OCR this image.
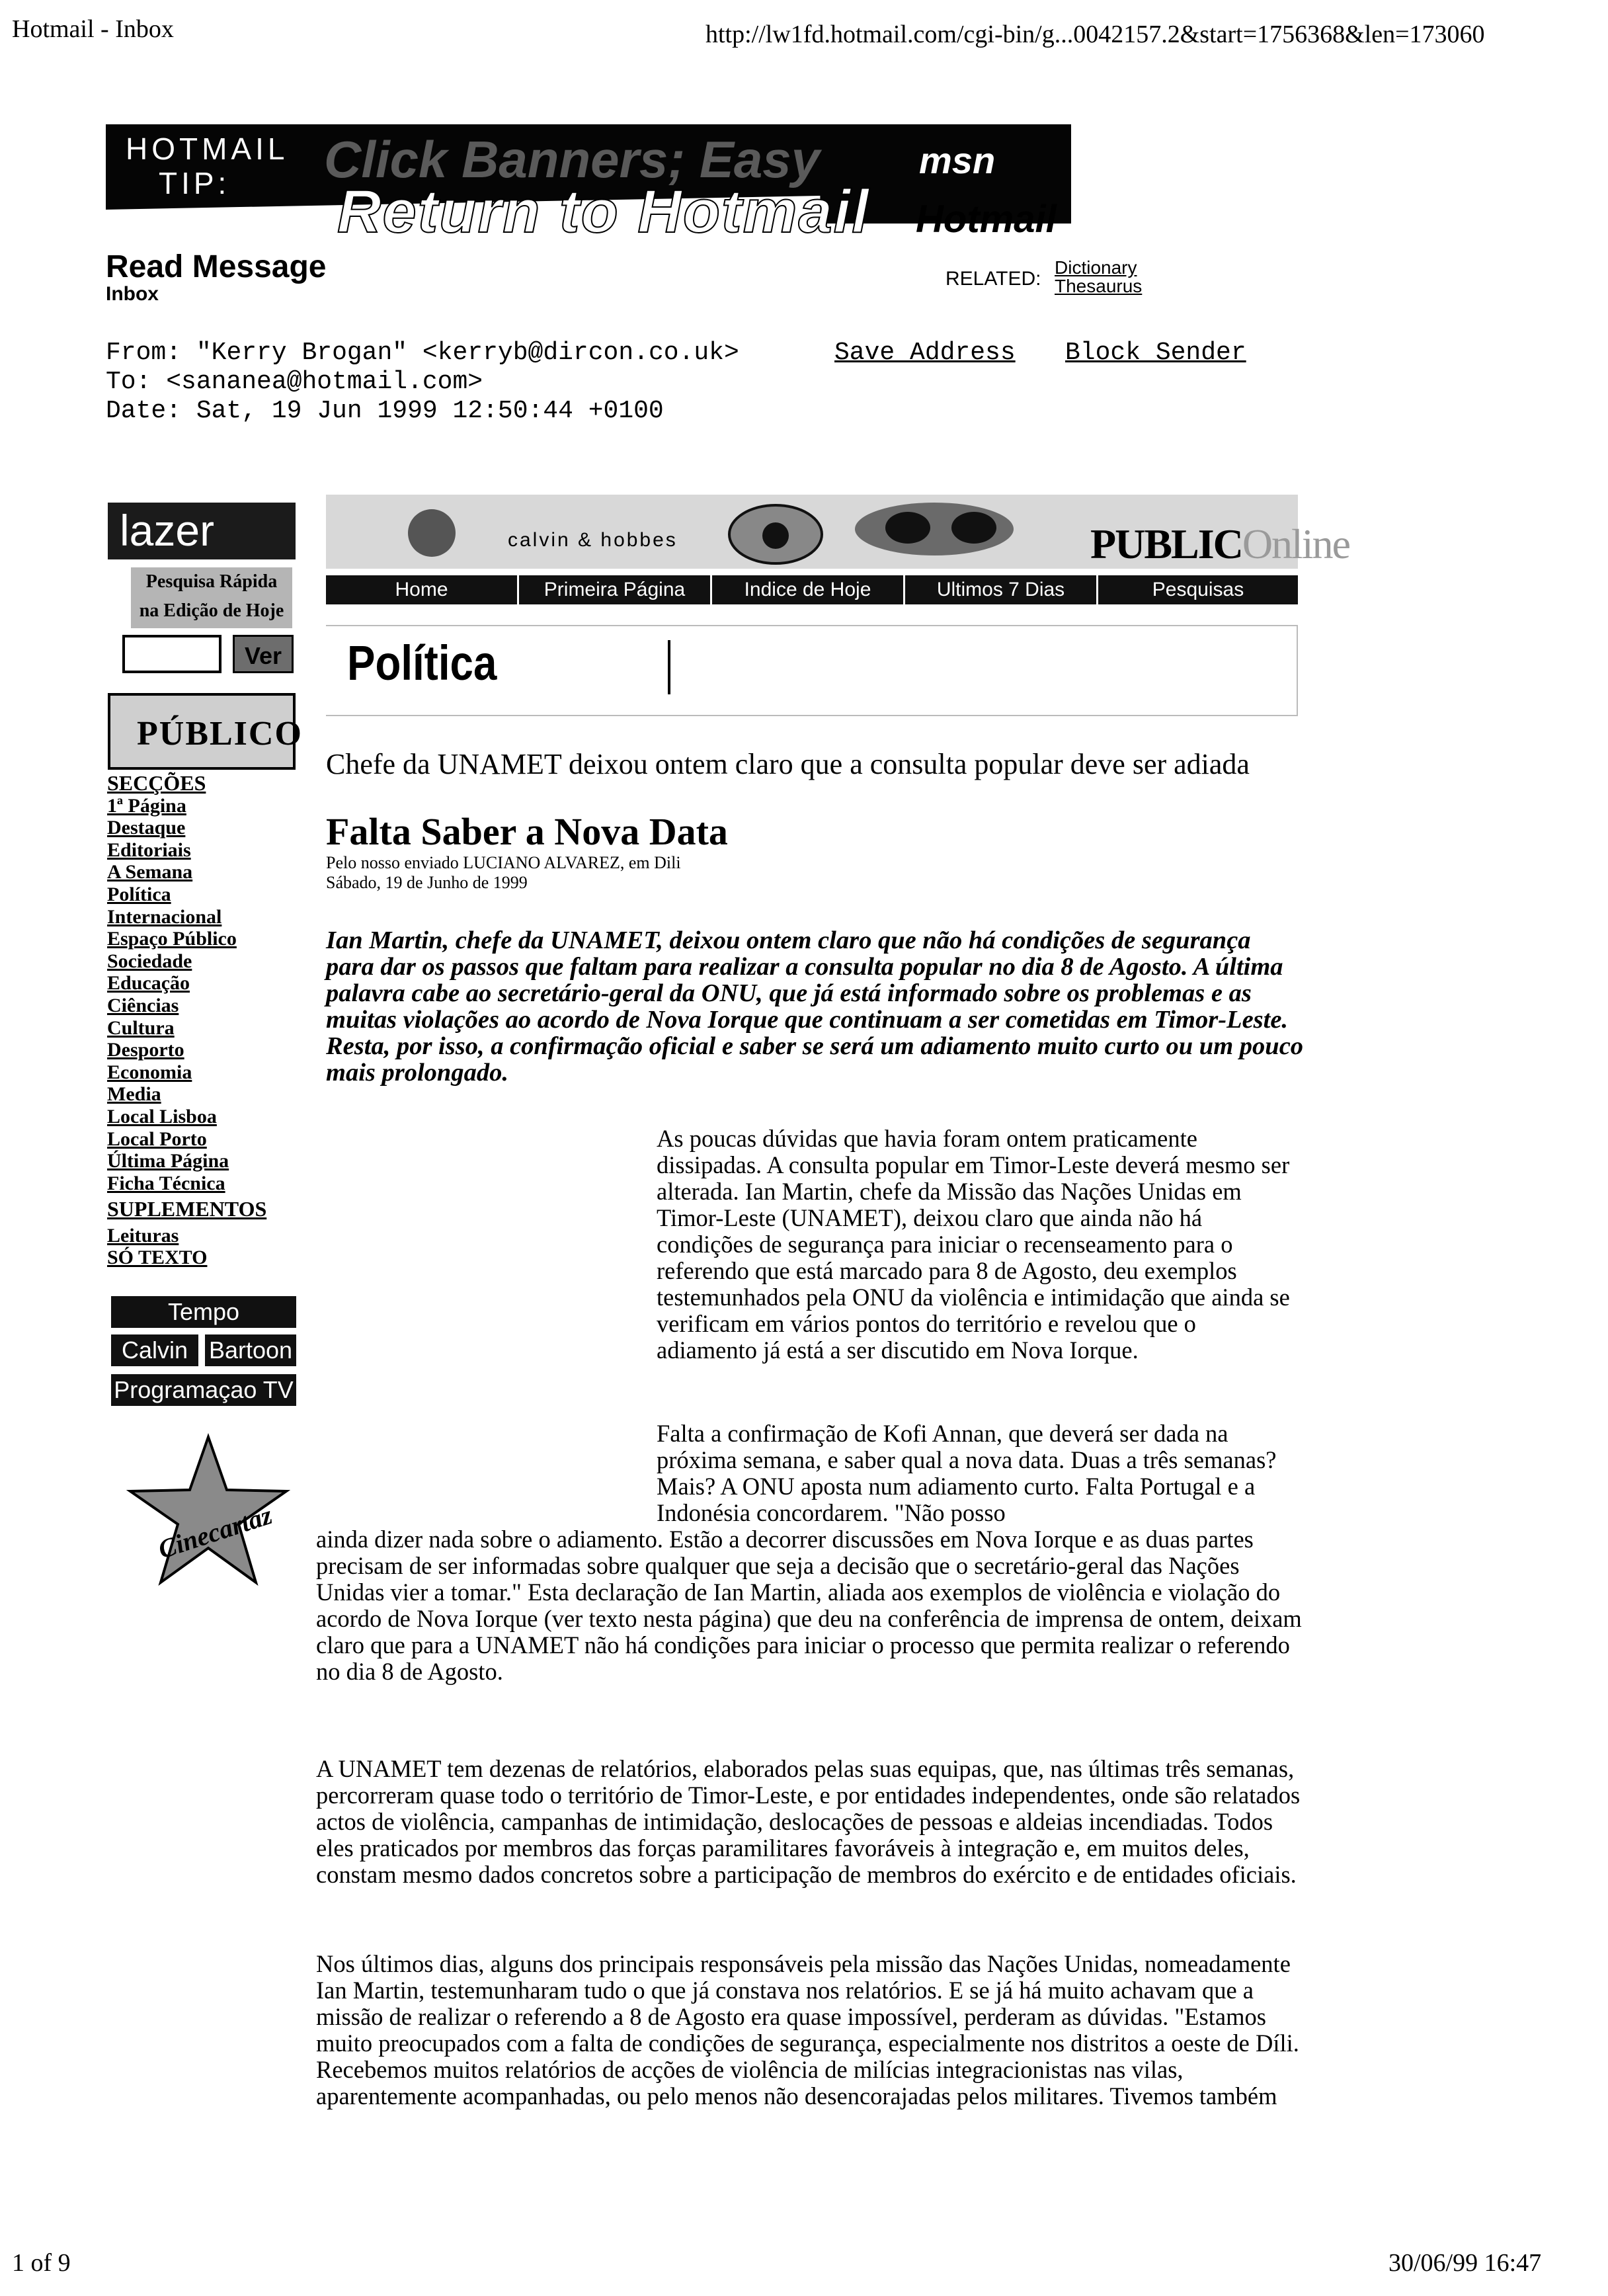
Hotmail - Inbox	http://lw1fd.hotmail.com/cgi-bin/g...0042157.2&start=1756368&len=173060
HOTMAIL
TIP: Click Banners; Easy
Return to Hotmail
msn
Hotmail
Read Message
Inbox
RELATED:
Dictionary
Thesaurus
From: "Kerry Brogan" <kerryb@dircon.co.uk>	Save Address Block Sender
To: <sananea@hotmail.com>
Date: Sat, 19 Jun 1999 12:50:44 +0100
lazer
Pesquisa Rápida
na Edição de Hoje
Ver
PÚBLICO
SECÇÕES
1ª Página
Destaque
Editoriais
A Semana
Política
Internacional
Espaço Público
Sociedade
Educação
Ciências
Cultura
Desporto
Economia
Media
Local Lisboa
Local Porto
Última Página
Ficha Técnica
SUPLEMENTOS
Leituras
SÓ TEXTO
Tempo
Calvin Bartoon
Programaçao TV
Cinecartaz
calvin & hobbes	PUBLICOnline
Home	Primeira Página	Indice de Hoje	Ultimos 7 Dias	Pesquisas
Política
Chefe da UNAMET deixou ontem claro que a consulta popular deve ser adiada
Falta Saber a Nova Data
Pelo nosso enviado LUCIANO ALVAREZ, em Dili
Sábado, 19 de Junho de 1999
Ian Martin, chefe da UNAMET, deixou ontem claro que não há condições de segurança para dar os passos que faltam para realizar a consulta popular no dia 8 de Agosto. A última palavra cabe ao secretário-geral da ONU, que já está informado sobre os problemas e as muitas violações ao acordo de Nova Iorque que continuam a ser cometidas em Timor-Leste. Resta, por isso, a confirmação oficial e saber se será um adiamento muito curto ou um pouco mais prolongado.
As poucas dúvidas que havia foram ontem praticamente dissipadas. A consulta popular em Timor-Leste deverá mesmo ser alterada. Ian Martin, chefe da Missão das Nações Unidas em Timor-Leste (UNAMET), deixou claro que ainda não há condições de segurança para iniciar o recenseamento para o referendo que está marcado para 8 de Agosto, deu exemplos testemunhados pela ONU da violência e intimidação que ainda se verificam em vários pontos do território e revelou que o adiamento já está a ser discutido em Nova Iorque.
Falta a confirmação de Kofi Annan, que deverá ser dada na próxima semana, e saber qual a nova data. Duas a três semanas? Mais? A ONU aposta num adiamento curto. Falta Portugal e a Indonésia concordarem. "Não posso
ainda dizer nada sobre o adiamento. Estão a decorrer discussões em Nova Iorque e as duas partes precisam de ser informadas sobre qualquer que seja a decisão que o secretário-geral das Nações Unidas vier a tomar." Esta declaração de Ian Martin, aliada aos exemplos de violência e violação do acordo de Nova Iorque (ver texto nesta página) que deu na conferência de imprensa de ontem, deixam claro que para a UNAMET não há condições para iniciar o processo que permita realizar o referendo no dia 8 de Agosto.
A UNAMET tem dezenas de relatórios, elaborados pelas suas equipas, que, nas últimas três semanas, percorreram quase todo o território de Timor-Leste, e por entidades independentes, onde são relatados actos de violência, campanhas de intimidação, deslocações de pessoas e aldeias incendiadas. Todos eles praticados por membros das forças paramilitares favoráveis à integração e, em muitos deles, constam mesmo dados concretos sobre a participação de membros do exército e de entidades oficiais.
Nos últimos dias, alguns dos principais responsáveis pela missão das Nações Unidas, nomeadamente Ian Martin, testemunharam tudo o que já constava nos relatórios. E se já há muito achavam que a missão de realizar o referendo a 8 de Agosto era quase impossível, perderam as dúvidas. "Estamos muito preocupados com a falta de condições de segurança, especialmente nos distritos a oeste de Díli. Recebemos muitos relatórios de acções de violência de milícias integracionistas nas vilas, aparentemente acompanhadas, ou pelo menos não desencorajadas pelos militares. Tivemos também
1 of 9	30/06/99 16:47
